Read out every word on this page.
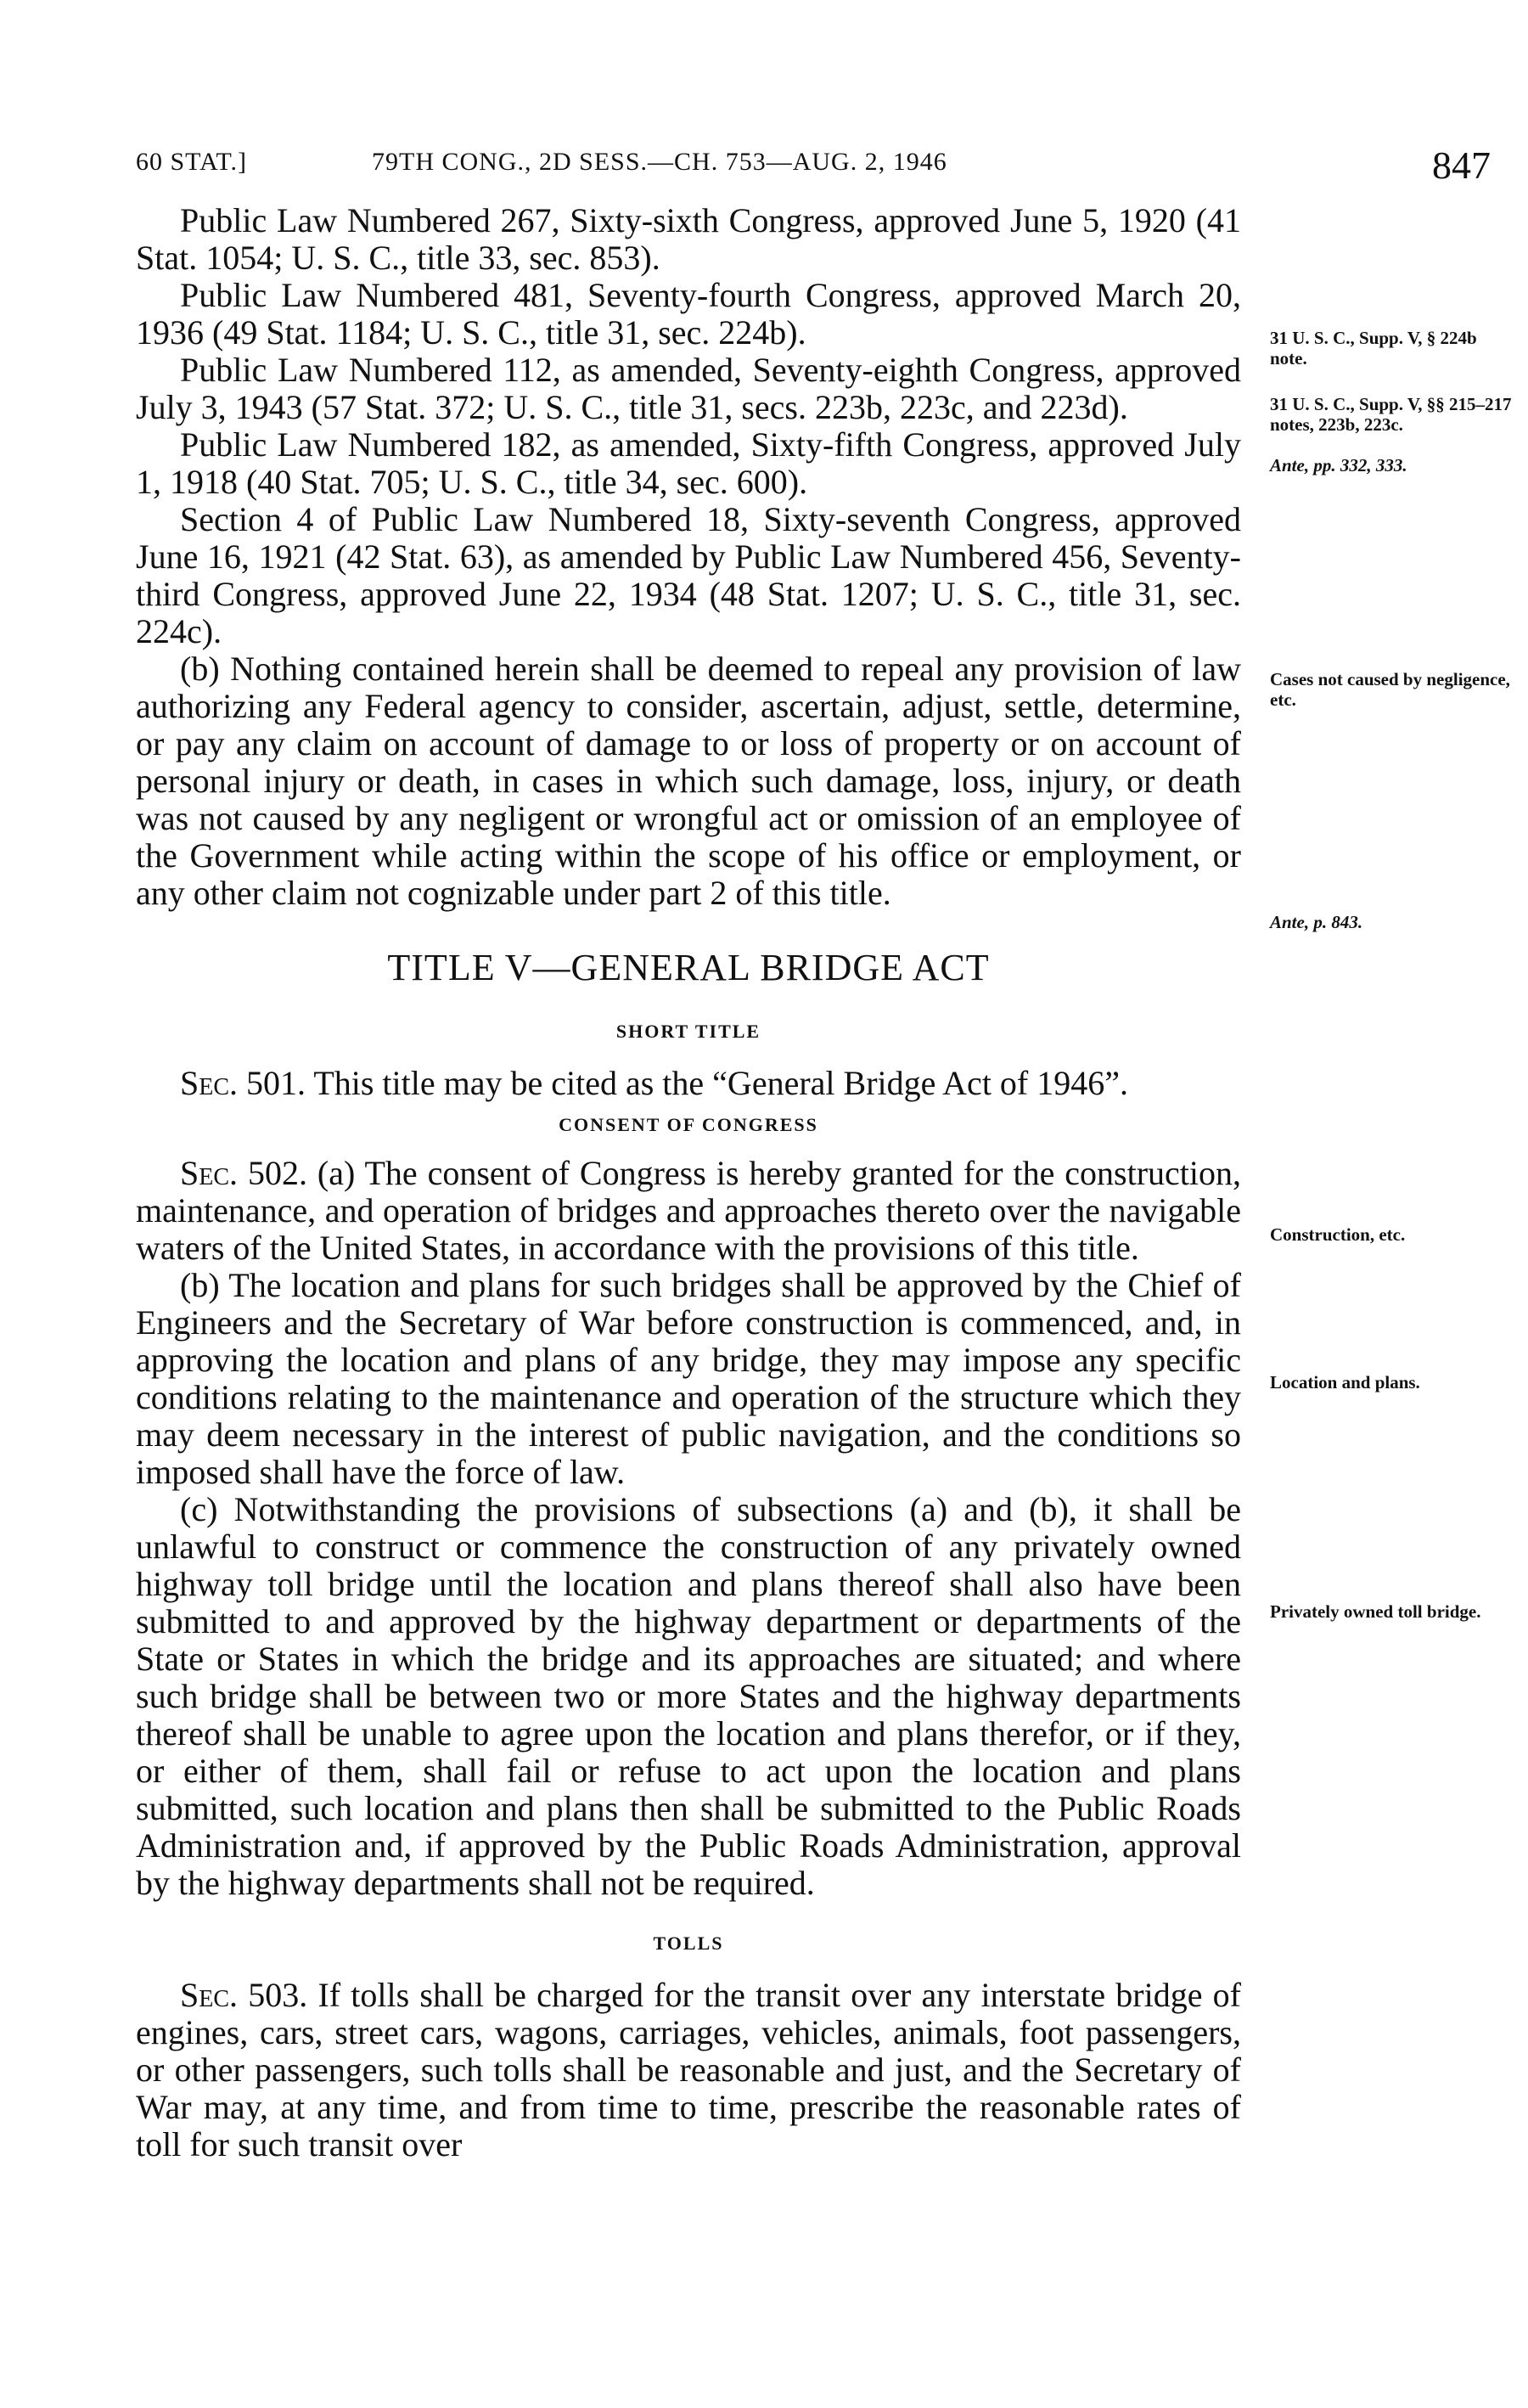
60 STAT.]	79TH CONG., 2D SESS.—CH. 753—AUG. 2, 1946	847

Public Law Numbered 267, Sixty-sixth Congress, approved June 5, 1920 (41 Stat. 1054; U. S. C., title 33, sec. 853).

Public Law Numbered 481, Seventy-fourth Congress, approved March 20, 1936 (49 Stat. 1184; U. S. C., title 31, sec. 224b).

Public Law Numbered 112, as amended, Seventy-eighth Congress, approved July 3, 1943 (57 Stat. 372; U. S. C., title 31, secs. 223b, 223c, and 223d).

Public Law Numbered 182, as amended, Sixty-fifth Congress, approved July 1, 1918 (40 Stat. 705; U. S. C., title 34, sec. 600).

Section 4 of Public Law Numbered 18, Sixty-seventh Congress, approved June 16, 1921 (42 Stat. 63), as amended by Public Law Numbered 456, Seventy-third Congress, approved June 22, 1934 (48 Stat. 1207; U. S. C., title 31, sec. 224c).

(b) Nothing contained herein shall be deemed to repeal any provision of law authorizing any Federal agency to consider, ascertain, adjust, settle, determine, or pay any claim on account of damage to or loss of property or on account of personal injury or death, in cases in which such damage, loss, injury, or death was not caused by any negligent or wrongful act or omission of an employee of the Government while acting within the scope of his office or employment, or any other claim not cognizable under part 2 of this title.

TITLE V—GENERAL BRIDGE ACT
SHORT TITLE

Sec. 501. This title may be cited as the “General Bridge Act of 1946”.

CONSENT OF CONGRESS

Sec. 502. (a) The consent of Congress is hereby granted for the construction, maintenance, and operation of bridges and approaches thereto over the navigable waters of the United States, in accordance with the provisions of this title.

(b) The location and plans for such bridges shall be approved by the Chief of Engineers and the Secretary of War before construction is commenced, and, in approving the location and plans of any bridge, they may impose any specific conditions relating to the maintenance and operation of the structure which they may deem necessary in the interest of public navigation, and the conditions so imposed shall have the force of law.

(c) Notwithstanding the provisions of subsections (a) and (b), it shall be unlawful to construct or commence the construction of any privately owned highway toll bridge until the location and plans thereof shall also have been submitted to and approved by the highway department or departments of the State or States in which the bridge and its approaches are situated; and where such bridge shall be between two or more States and the highway departments thereof shall be unable to agree upon the location and plans therefor, or if they, or either of them, shall fail or refuse to act upon the location and plans submitted, such location and plans then shall be submitted to the Public Roads Administration and, if approved by the Public Roads Administration, approval by the highway departments shall not be required.

TOLLS

Sec. 503. If tolls shall be charged for the transit over any interstate bridge of engines, cars, street cars, wagons, carriages, vehicles, animals, foot passengers, or other passengers, such tolls shall be reasonable and just, and the Secretary of War may, at any time, and from time to time, prescribe the reasonable rates of toll for such transit over

31 U. S. C., Supp. V, § 224b note.
31 U. S. C., Supp. V, §§ 215–217 notes, 223b, 223c.
Ante, pp. 332, 333.
Cases not caused by negligence, etc.
Ante, p. 843.
Construction, etc.
Location and plans.
Privately owned toll bridge.
